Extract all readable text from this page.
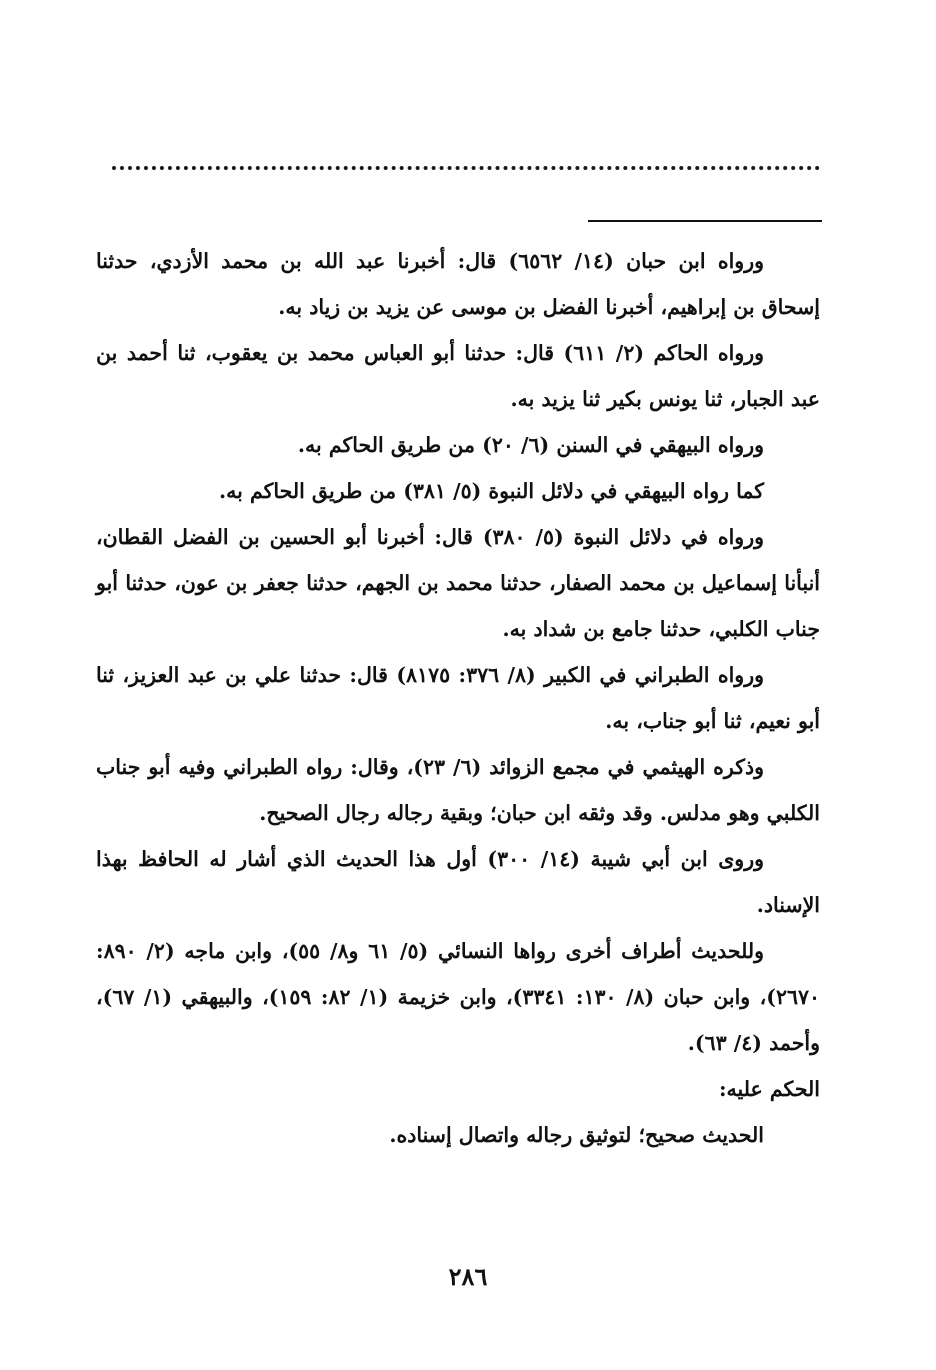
ورواه ابن حبان (١٤/ ٦٥٦٢) قال: أخبرنا عبد الله بن محمد الأزدي، حدثنا إسحاق بن إبراهيم، أخبرنا الفضل بن موسى عن يزيد بن زياد به.

ورواه الحاكم (٢/ ٦١١) قال: حدثنا أبو العباس محمد بن يعقوب، ثنا أحمد بن عبد الجبار، ثنا يونس بكير ثنا يزيد به.

ورواه البيهقي في السنن (٦/ ٢٠) من طريق الحاكم به.

كما رواه البيهقي في دلائل النبوة (٥/ ٣٨١) من طريق الحاكم به.

ورواه في دلائل النبوة (٥/ ٣٨٠) قال: أخبرنا أبو الحسين بن الفضل القطان، أنبأنا إسماعيل بن محمد الصفار، حدثنا محمد بن الجهم، حدثنا جعفر بن عون، حدثنا أبو جناب الكلبي، حدثنا جامع بن شداد به.

ورواه الطبراني في الكبير (٨/ ٣٧٦: ٨١٧٥) قال: حدثنا علي بن عبد العزيز، ثنا أبو نعيم، ثنا أبو جناب، به.

وذكره الهيثمي في مجمع الزوائد (٦/ ٢٣)، وقال: رواه الطبراني وفيه أبو جناب الكلبي وهو مدلس. وقد وثقه ابن حبان؛ وبقية رجاله رجال الصحيح.

وروى ابن أبي شيبة (١٤/ ٣٠٠) أول هذا الحديث الذي أشار له الحافظ بهذا الإسناد.

وللحديث أطراف أخرى رواها النسائي (٥/ ٦١ و٨/ ٥٥)، وابن ماجه (٢/ ٨٩٠: ٢٦٧٠)، وابن حبان (٨/ ١٣٠: ٣٣٤١)، وابن خزيمة (١/ ٨٢: ١٥٩)، والبيهقي (١/ ٦٧)، وأحمد (٤/ ٦٣).

الحكم عليه:

الحديث صحيح؛ لتوثيق رجاله واتصال إسناده.

٢٨٦
